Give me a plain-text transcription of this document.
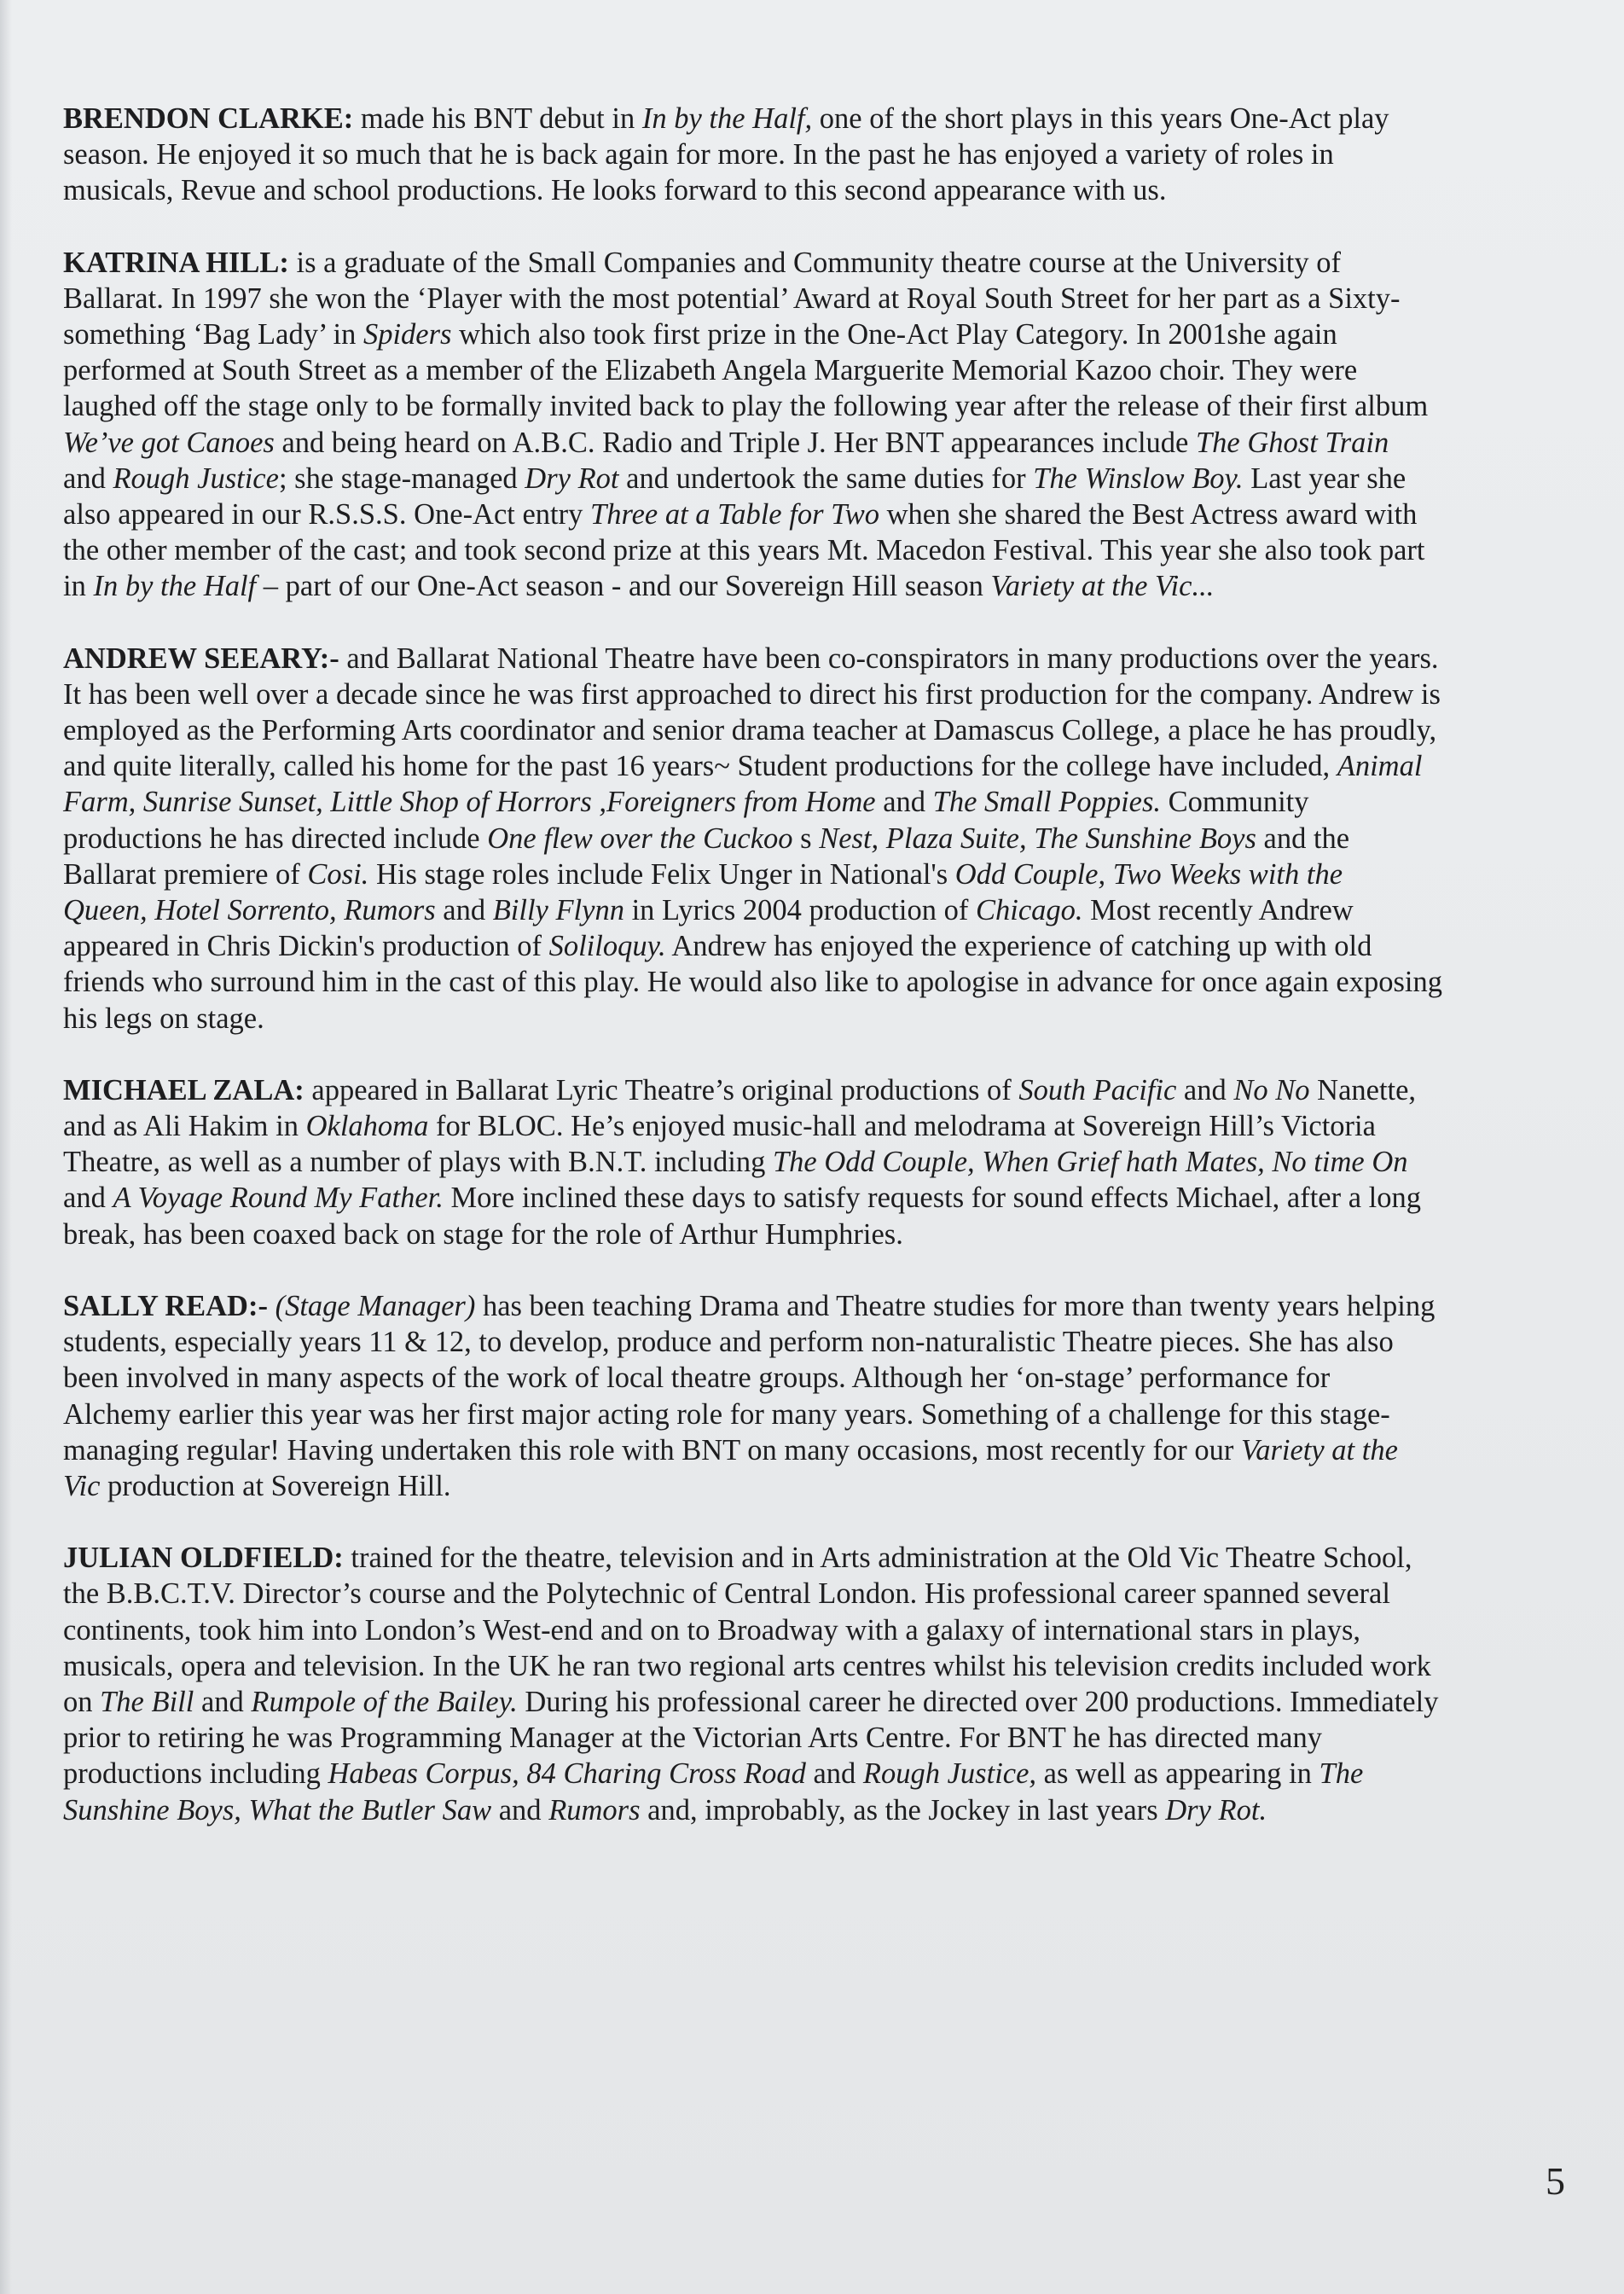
BRENDON CLARKE: made his BNT debut in In by the Half, one of the short plays in this years One-Act play
season. He enjoyed it so much that he is back again for more. In the past he has enjoyed a variety of roles in
musicals, Revue and school productions. He looks forward to this second appearance with us.
KATRINA HILL: is a graduate of the Small Companies and Community theatre course at the University of
Ballarat. In 1997 she won the ‘Player with the most potential’ Award at Royal South Street for her part as a Sixty-
something ‘Bag Lady’ in Spiders which also took first prize in the One-Act Play Category. In 2001she again
performed at South Street as a member of the Elizabeth Angela Marguerite Memorial Kazoo choir. They were
laughed off the stage only to be formally invited back to play the following year after the release of their first album
We’ve got Canoes and being heard on A.B.C. Radio and Triple J. Her BNT appearances include The Ghost Train
and Rough Justice; she stage-managed Dry Rot and undertook the same duties for The Winslow Boy. Last year she
also appeared in our R.S.S.S. One-Act entry Three at a Table for Two when she shared the Best Actress award with
the other member of the cast; and took second prize at this years Mt. Macedon Festival. This year she also took part
in In by the Half – part of our One-Act season - and our Sovereign Hill season Variety at the Vic...
ANDREW SEEARY:- and Ballarat National Theatre have been co-conspirators in many productions over the years.
It has been well over a decade since he was first approached to direct his first production for the company. Andrew is
employed as the Performing Arts coordinator and senior drama teacher at Damascus College, a place he has proudly,
and quite literally, called his home for the past 16 years~ Student productions for the college have included, Animal
Farm, Sunrise Sunset, Little Shop of Horrors ,Foreigners from Home and The Small Poppies. Community
productions he has directed include One flew over the Cuckoo s Nest, Plaza Suite, The Sunshine Boys and the
Ballarat premiere of Cosi. His stage roles include Felix Unger in National's Odd Couple, Two Weeks with the
Queen, Hotel Sorrento, Rumors and Billy Flynn in Lyrics 2004 production of Chicago. Most recently Andrew
appeared in Chris Dickin's production of Soliloquy. Andrew has enjoyed the experience of catching up with old
friends who surround him in the cast of this play. He would also like to apologise in advance for once again exposing
his legs on stage.
MICHAEL ZALA: appeared in Ballarat Lyric Theatre’s original productions of South Pacific and No No Nanette,
and as Ali Hakim in Oklahoma for BLOC. He’s enjoyed music-hall and melodrama at Sovereign Hill’s Victoria
Theatre, as well as a number of plays with B.N.T. including The Odd Couple, When Grief hath Mates, No time On
and A Voyage Round My Father. More inclined these days to satisfy requests for sound effects Michael, after a long
break, has been coaxed back on stage for the role of Arthur Humphries.
SALLY READ:- (Stage Manager) has been teaching Drama and Theatre studies for more than twenty years helping
students, especially years 11 & 12, to develop, produce and perform non-naturalistic Theatre pieces. She has also
been involved in many aspects of the work of local theatre groups. Although her ‘on-stage’ performance for
Alchemy earlier this year was her first major acting role for many years. Something of a challenge for this stage-
managing regular! Having undertaken this role with BNT on many occasions, most recently for our Variety at the
Vic production at Sovereign Hill.
JULIAN OLDFIELD: trained for the theatre, television and in Arts administration at the Old Vic Theatre School,
the B.B.C.T.V. Director’s course and the Polytechnic of Central London. His professional career spanned several
continents, took him into London’s West-end and on to Broadway with a galaxy of international stars in plays,
musicals, opera and television. In the UK he ran two regional arts centres whilst his television credits included work
on The Bill and Rumpole of the Bailey. During his professional career he directed over 200 productions. Immediately
prior to retiring he was Programming Manager at the Victorian Arts Centre. For BNT he has directed many
productions including Habeas Corpus, 84 Charing Cross Road and Rough Justice, as well as appearing in The
Sunshine Boys, What the Butler Saw and Rumors and, improbably, as the Jockey in last years Dry Rot.
5
